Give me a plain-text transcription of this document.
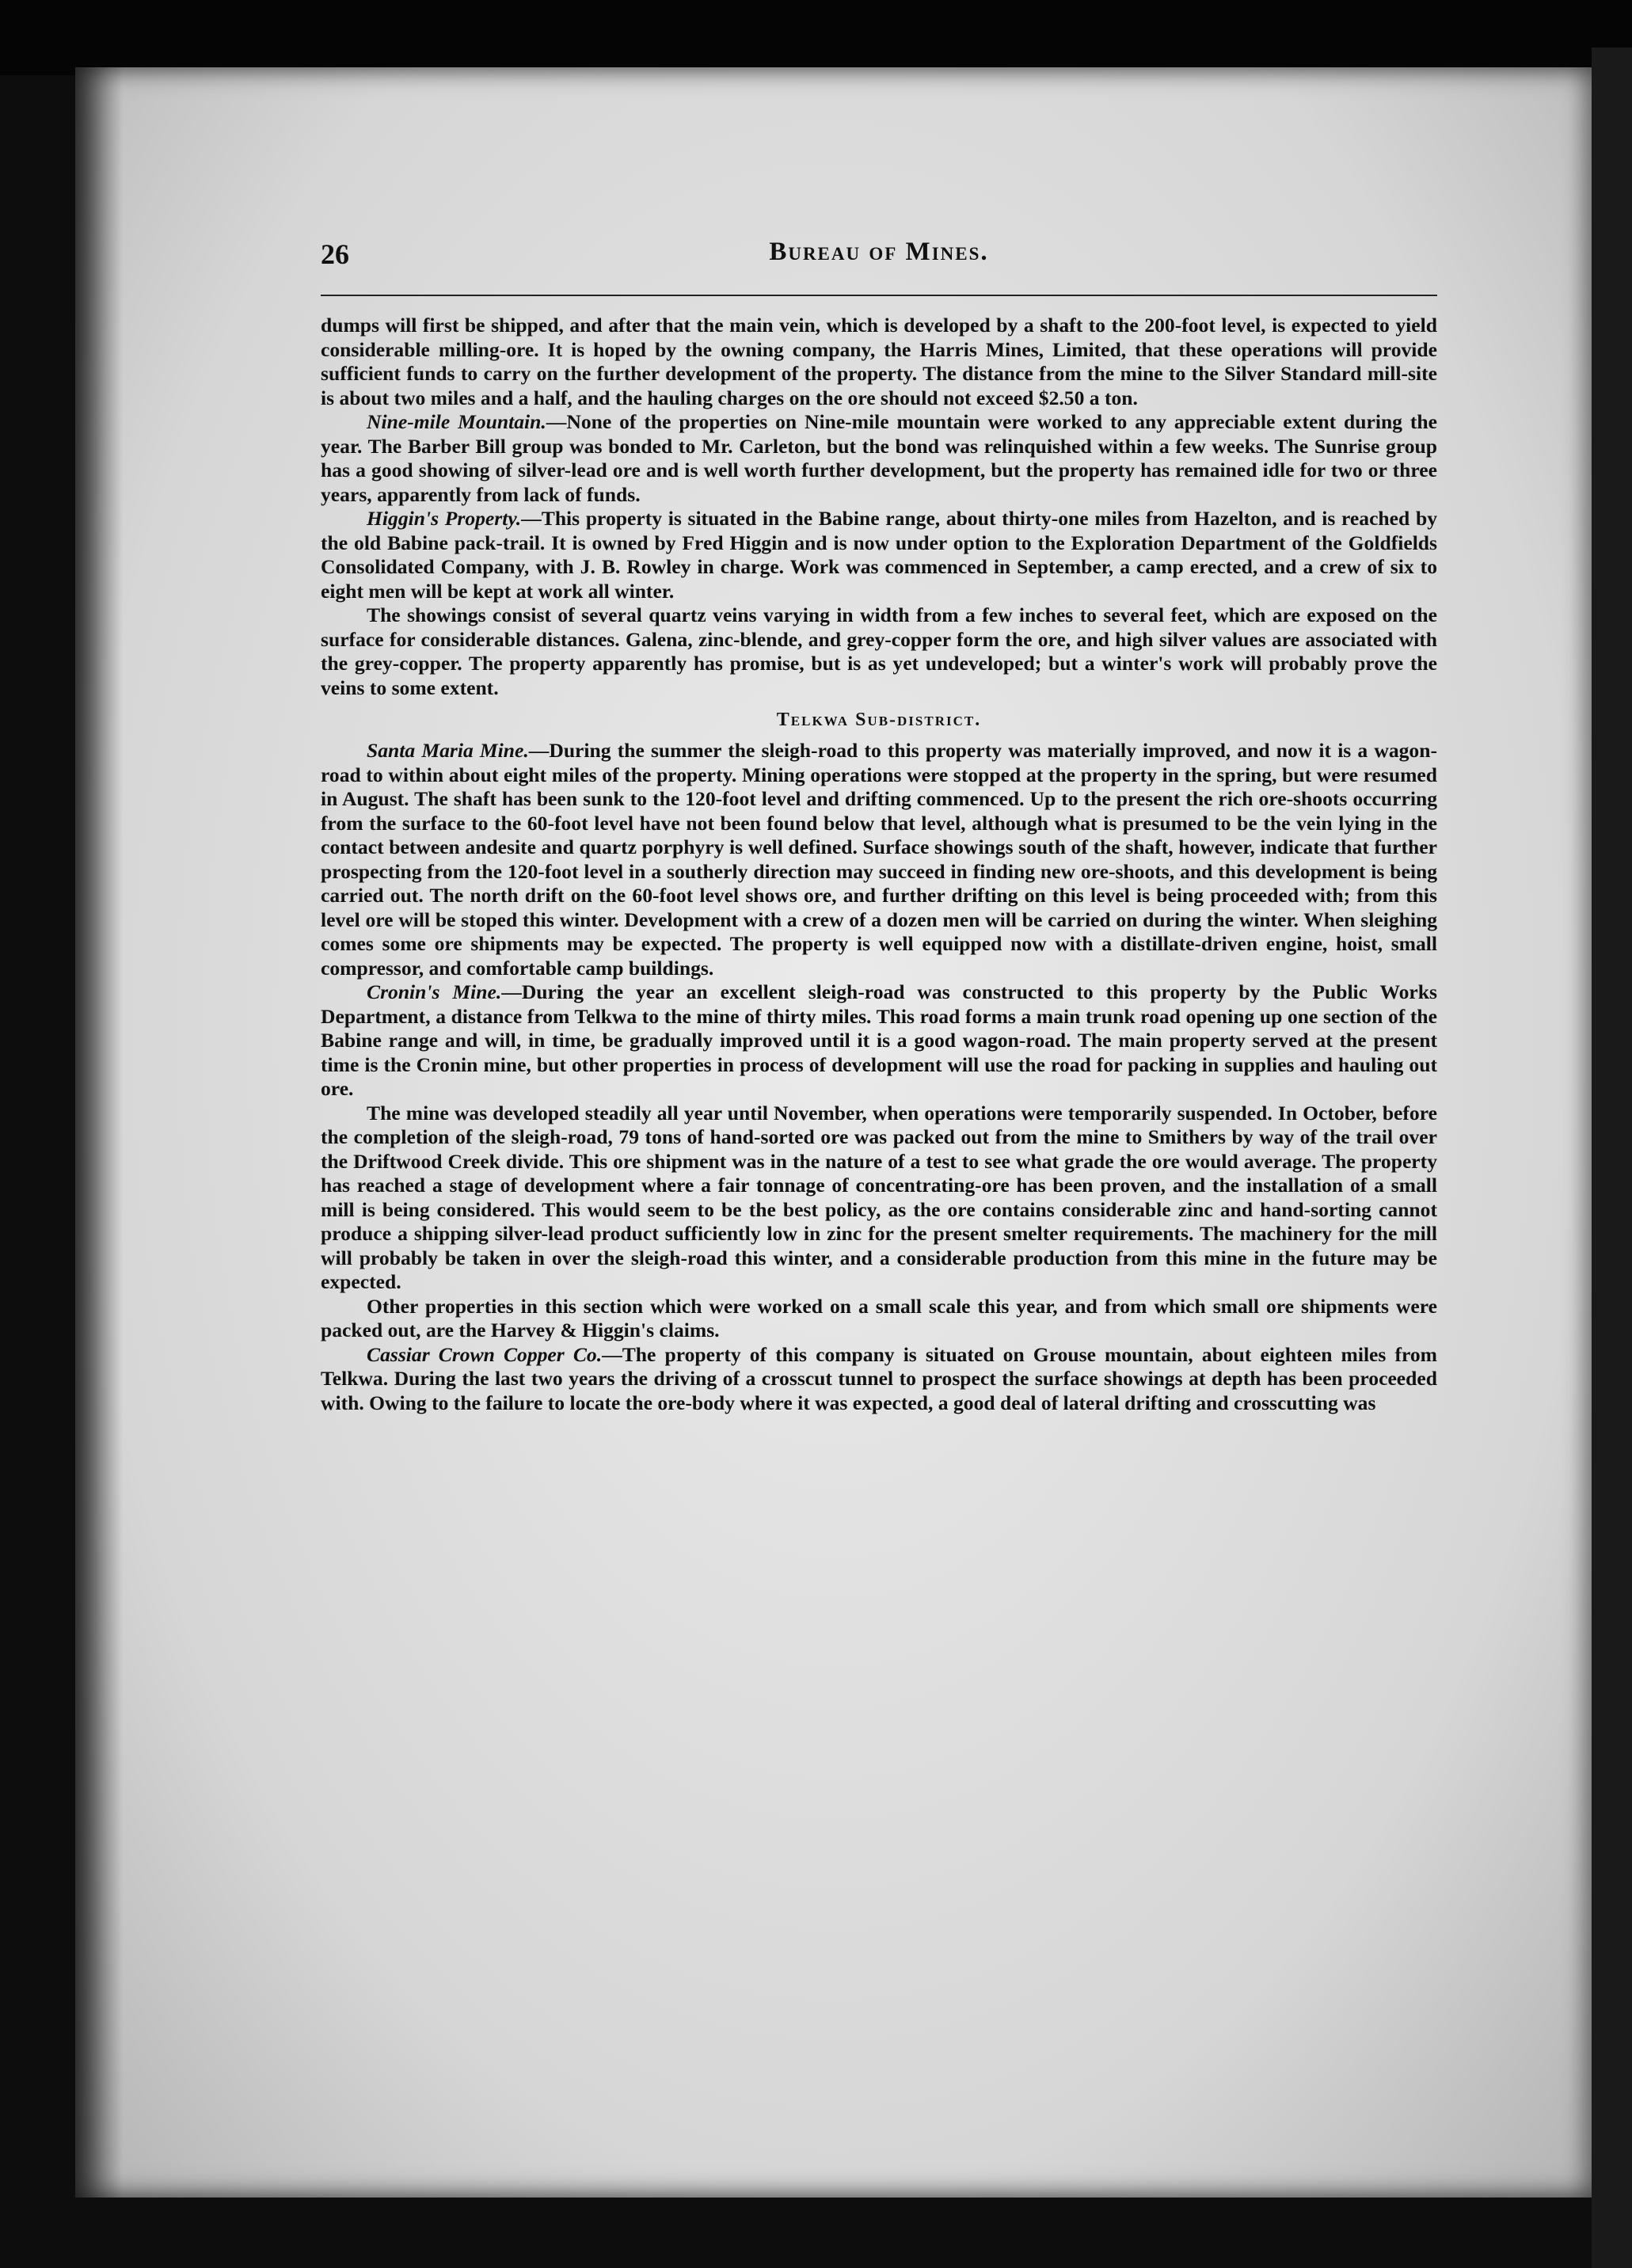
26	Bureau of Mines.

dumps will first be shipped, and after that the main vein, which is developed by a shaft to the 200-foot level, is expected to yield considerable milling-ore. It is hoped by the owning company, the Harris Mines, Limited, that these operations will provide sufficient funds to carry on the further development of the property. The distance from the mine to the Silver Standard mill-site is about two miles and a half, and the hauling charges on the ore should not exceed $2.50 a ton.

Nine-mile Mountain.—None of the properties on Nine-mile mountain were worked to any appreciable extent during the year. The Barber Bill group was bonded to Mr. Carleton, but the bond was relinquished within a few weeks. The Sunrise group has a good showing of silver-lead ore and is well worth further development, but the property has remained idle for two or three years, apparently from lack of funds.

Higgin's Property.—This property is situated in the Babine range, about thirty-one miles from Hazelton, and is reached by the old Babine pack-trail. It is owned by Fred Higgin and is now under option to the Exploration Department of the Goldfields Consolidated Company, with J. B. Rowley in charge. Work was commenced in September, a camp erected, and a crew of six to eight men will be kept at work all winter.

The showings consist of several quartz veins varying in width from a few inches to several feet, which are exposed on the surface for considerable distances. Galena, zinc-blende, and grey-copper form the ore, and high silver values are associated with the grey-copper. The property apparently has promise, but is as yet undeveloped; but a winter's work will probably prove the veins to some extent.

Telkwa Sub-district.

Santa Maria Mine.—During the summer the sleigh-road to this property was materially improved, and now it is a wagon-road to within about eight miles of the property. Mining operations were stopped at the property in the spring, but were resumed in August. The shaft has been sunk to the 120-foot level and drifting commenced. Up to the present the rich ore-shoots occurring from the surface to the 60-foot level have not been found below that level, although what is presumed to be the vein lying in the contact between andesite and quartz porphyry is well defined. Surface showings south of the shaft, however, indicate that further prospecting from the 120-foot level in a southerly direction may succeed in finding new ore-shoots, and this development is being carried out. The north drift on the 60-foot level shows ore, and further drifting on this level is being proceeded with; from this level ore will be stoped this winter. Development with a crew of a dozen men will be carried on during the winter. When sleighing comes some ore shipments may be expected. The property is well equipped now with a distillate-driven engine, hoist, small compressor, and comfortable camp buildings.

Cronin's Mine.—During the year an excellent sleigh-road was constructed to this property by the Public Works Department, a distance from Telkwa to the mine of thirty miles. This road forms a main trunk road opening up one section of the Babine range and will, in time, be gradually improved until it is a good wagon-road. The main property served at the present time is the Cronin mine, but other properties in process of development will use the road for packing in supplies and hauling out ore.

The mine was developed steadily all year until November, when operations were temporarily suspended. In October, before the completion of the sleigh-road, 79 tons of hand-sorted ore was packed out from the mine to Smithers by way of the trail over the Driftwood Creek divide. This ore shipment was in the nature of a test to see what grade the ore would average. The property has reached a stage of development where a fair tonnage of concentrating-ore has been proven, and the installation of a small mill is being considered. This would seem to be the best policy, as the ore contains considerable zinc and hand-sorting cannot produce a shipping silver-lead product sufficiently low in zinc for the present smelter requirements. The machinery for the mill will probably be taken in over the sleigh-road this winter, and a considerable production from this mine in the future may be expected.

Other properties in this section which were worked on a small scale this year, and from which small ore shipments were packed out, are the Harvey & Higgin's claims.

Cassiar Crown Copper Co.—The property of this company is situated on Grouse mountain, about eighteen miles from Telkwa. During the last two years the driving of a crosscut tunnel to prospect the surface showings at depth has been proceeded with. Owing to the failure to locate the ore-body where it was expected, a good deal of lateral drifting and crosscutting was
